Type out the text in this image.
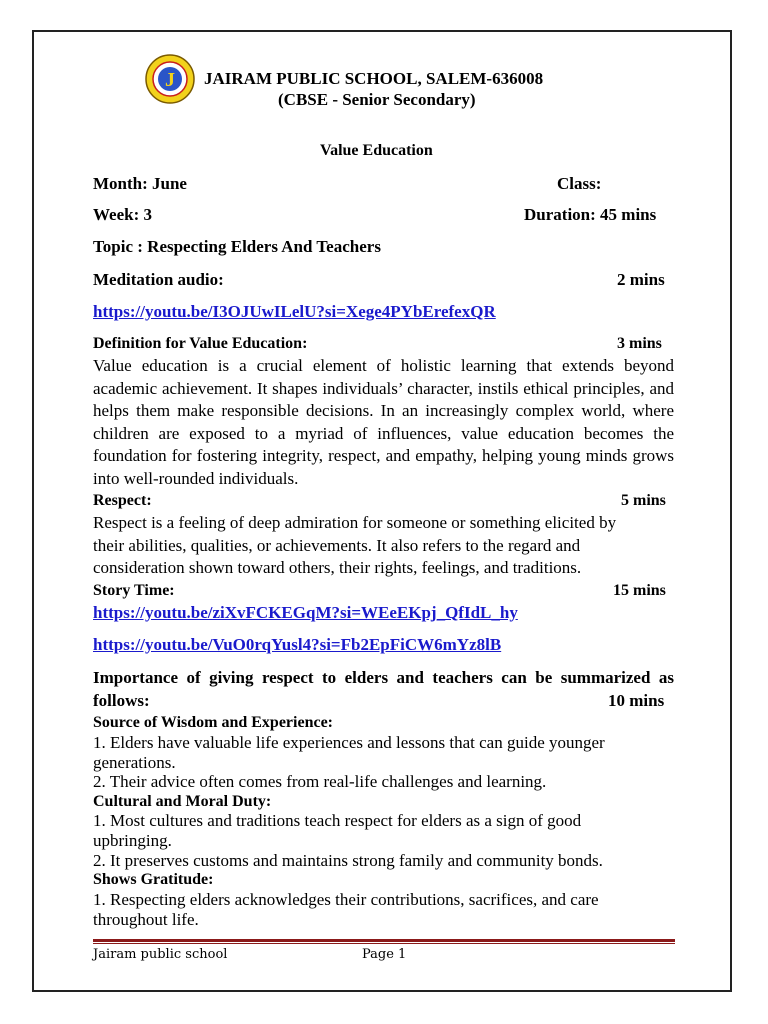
J JAIRAM PUBLIC SCHOOL, SALEM-636008
(CBSE - Senior Secondary)
Value Education
Month: June	Class:
Week: 3	Duration: 45 mins
Topic : Respecting Elders And Teachers
Meditation audio:	2 mins
https://youtu.be/I3OJUwILelU?si=Xege4PYbErefexQR
Definition for Value Education:	3 mins
Value education is a crucial element of holistic learning that extends beyond academic achievement. It shapes individuals’ character, instils ethical principles, and helps them make responsible decisions. In an increasingly complex world, where children are exposed to a myriad of influences, value education becomes the foundation for fostering integrity, respect, and empathy, helping young minds grows into well-rounded individuals.
Respect:	5 mins
Respect is a feeling of deep admiration for someone or something elicited by
their abilities, qualities, or achievements. It also refers to the regard and
consideration shown toward others, their rights, feelings, and traditions.
Story Time:	15 mins
https://youtu.be/ziXvFCKEGqM?si=WEeEKpj_QfIdL_hy
https://youtu.be/VuO0rqYusl4?si=Fb2EpFiCW6mYz8lB
Importance of giving respect to elders and teachers can be summarized as
follows:	10 mins
Source of Wisdom and Experience:
1. Elders have valuable life experiences and lessons that can guide younger generations.
2. Their advice often comes from real-life challenges and learning.
Cultural and Moral Duty:
1. Most cultures and traditions teach respect for elders as a sign of good upbringing.
2. It preserves customs and maintains strong family and community bonds.
Shows Gratitude:
1. Respecting elders acknowledges their contributions, sacrifices, and care throughout life.
Jairam public school	Page 1
